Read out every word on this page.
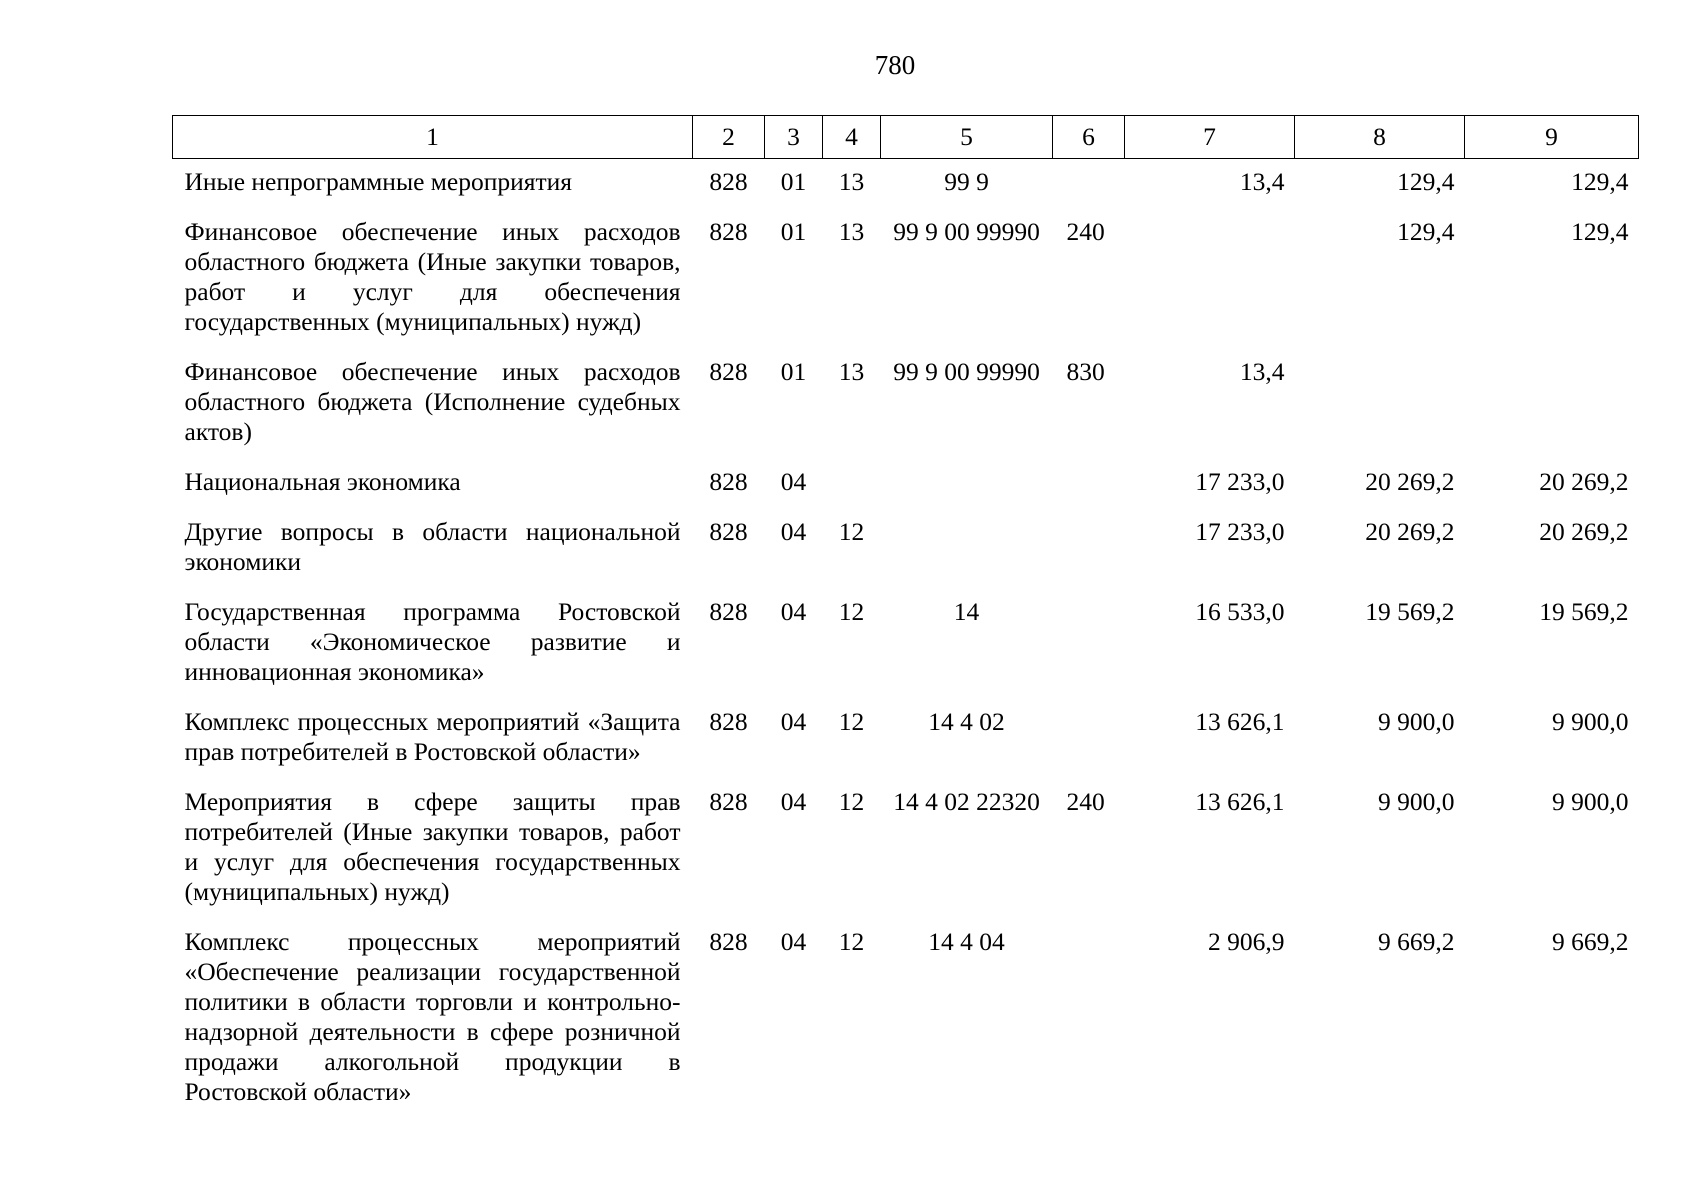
780
1	2	3	4	5	6	7	8	9
Иные непрограммные мероприятия	828	01	13	99 9		13,4	129,4	129,4
Финансовое обеспечение иных расходов областного бюджета (Иные закупки товаров, работ и услуг для обеспечения государственных (муниципальных) нужд)	828	01	13	99 9 00 99990	240		129,4	129,4
Финансовое обеспечение иных расходов областного бюджета (Исполнение судебных актов)	828	01	13	99 9 00 99990	830	13,4		
Национальная экономика	828	04				17 233,0	20 269,2	20 269,2
Другие вопросы в области национальной экономики	828	04	12			17 233,0	20 269,2	20 269,2
Государственная программа Ростовской области «Экономическое развитие и инновационная экономика»	828	04	12	14		16 533,0	19 569,2	19 569,2
Комплекс процессных мероприятий «Защита прав потребителей в Ростовской области»	828	04	12	14 4 02		13 626,1	9 900,0	9 900,0
Мероприятия в сфере защиты прав потребителей (Иные закупки товаров, работ и услуг для обеспечения государственных (муниципальных) нужд)	828	04	12	14 4 02 22320	240	13 626,1	9 900,0	9 900,0
Комплекс процессных мероприятий «Обеспечение реализации государственной политики в области торговли и контрольно-надзорной деятельности в сфере розничной продажи алкогольной продукции в Ростовской области»	828	04	12	14 4 04		2 906,9	9 669,2	9 669,2
